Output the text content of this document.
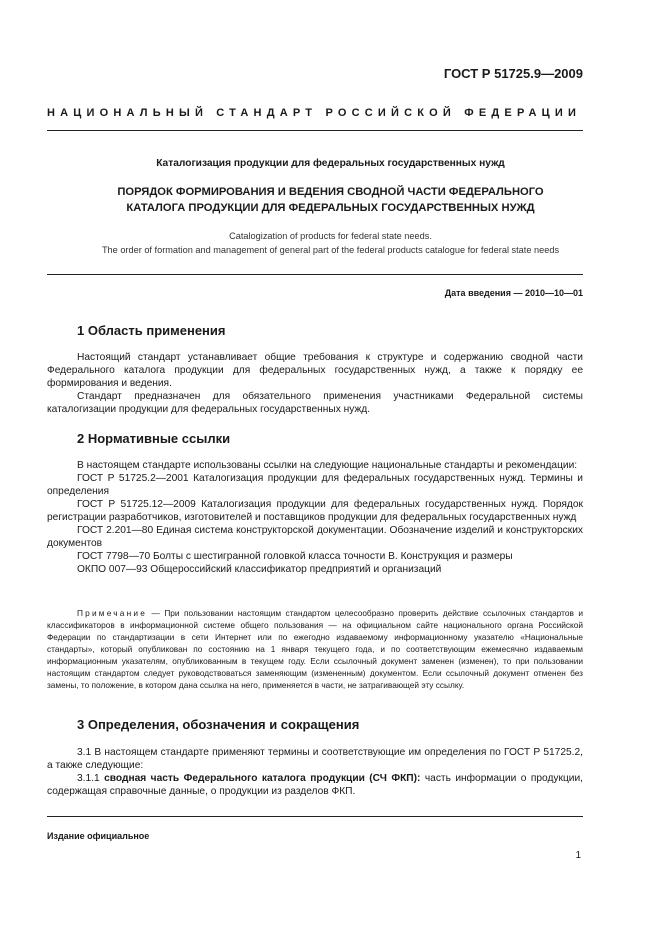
ГОСТ Р 51725.9—2009
НАЦИОНАЛЬНЫЙ СТАНДАРТ РОССИЙСКОЙ ФЕДЕРАЦИИ
Каталогизация продукции для федеральных государственных нужд
ПОРЯДОК ФОРМИРОВАНИЯ И ВЕДЕНИЯ СВОДНОЙ ЧАСТИ ФЕДЕРАЛЬНОГО
КАТАЛОГА ПРОДУКЦИИ ДЛЯ ФЕДЕРАЛЬНЫХ ГОСУДАРСТВЕННЫХ НУЖД
Catalogization of products for federal state needs.
The order of formation and management of general part of the federal products catalogue for federal state needs
Дата введения — 2010—10—01
1 Область применения
Настоящий стандарт устанавливает общие требования к структуре и содержанию сводной части Федерального каталога продукции для федеральных государственных нужд, а также к порядку ее формирования и ведения.
Стандарт предназначен для обязательного применения участниками Федеральной системы каталогизации продукции для федеральных государственных нужд.
2 Нормативные ссылки
В настоящем стандарте использованы ссылки на следующие национальные стандарты и рекомендации:
ГОСТ Р 51725.2—2001 Каталогизация продукции для федеральных государственных нужд. Термины и определения
ГОСТ Р 51725.12—2009 Каталогизация продукции для федеральных государственных нужд. Порядок регистрации разработчиков, изготовителей и поставщиков продукции для федеральных государственных нужд
ГОСТ 2.201—80 Единая система конструкторской документации. Обозначение изделий и конструкторских документов
ГОСТ 7798—70 Болты с шестигранной головкой класса точности В. Конструкция и размеры
ОКПО 007—93 Общероссийский классификатор предприятий и организаций
Примечание — При пользовании настоящим стандартом целесообразно проверить действие ссылочных стандартов и классификаторов в информационной системе общего пользования — на официальном сайте национального органа Российской Федерации по стандартизации в сети Интернет или по ежегодно издаваемому информационному указателю «Национальные стандарты», который опубликован по состоянию на 1 января текущего года, и по соответствующим ежемесячно издаваемым информационным указателям, опубликованным в текущем году. Если ссылочный документ заменен (изменен), то при пользовании настоящим стандартом следует руководствоваться заменяющим (измененным) документом. Если ссылочный документ отменен без замены, то положение, в котором дана ссылка на него, применяется в части, не затрагивающей эту ссылку.
3 Определения, обозначения и сокращения
3.1 В настоящем стандарте применяют термины и соответствующие им определения по ГОСТ Р 51725.2, а также следующие:
3.1.1 сводная часть Федерального каталога продукции (СЧ ФКП): часть информации о продукции, содержащая справочные данные, о продукции из разделов ФКП.
Издание официальное
1
